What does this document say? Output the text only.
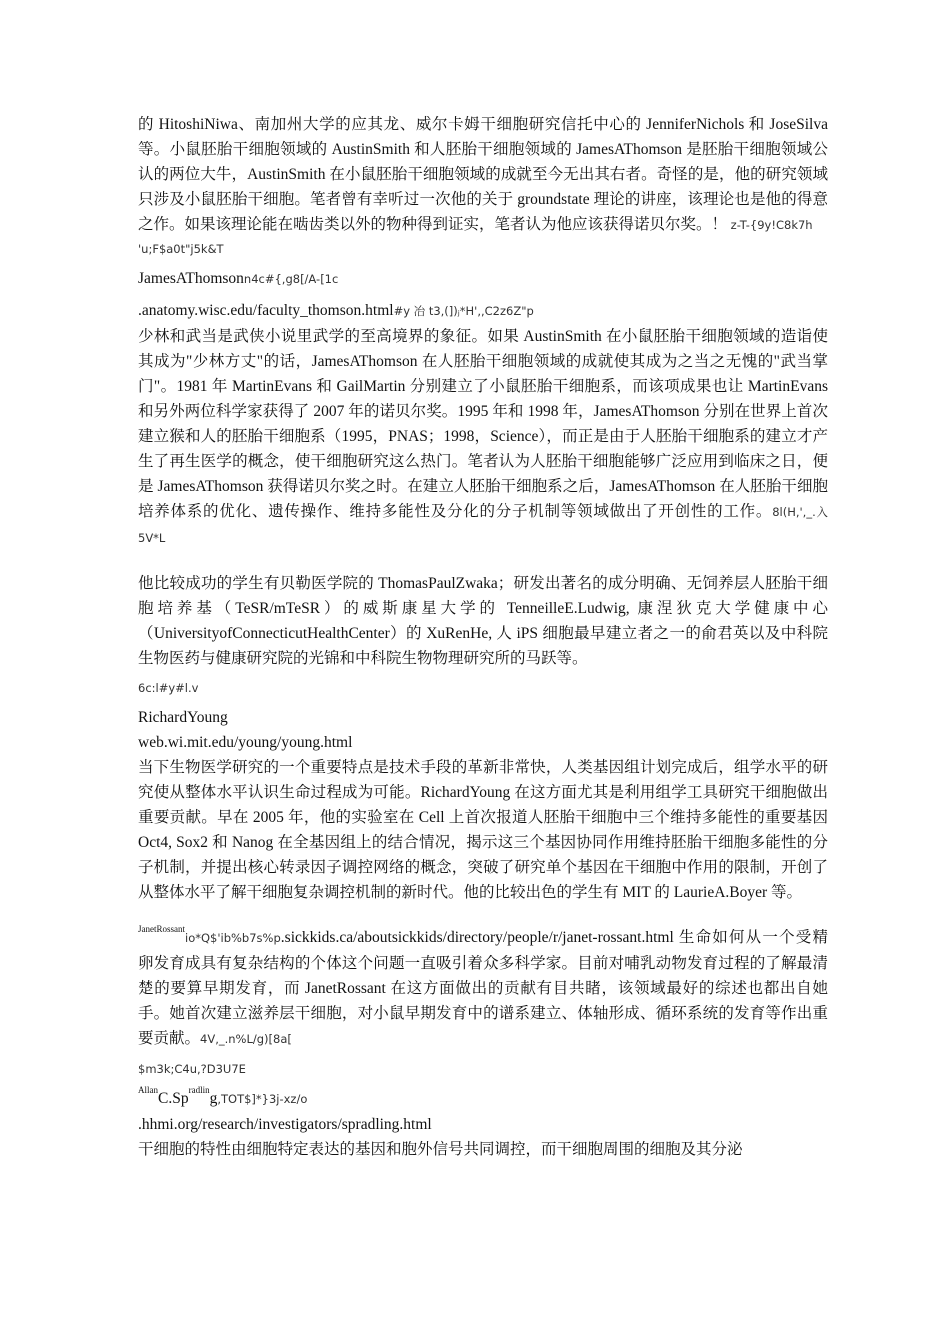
的 HitoshiNiwa、南加州大学的应其龙、威尔卡姆干细胞研究信托中心的 JenniferNichols 和 JoseSilva 等。小鼠胚胎干细胞领域的 AustinSmith 和人胚胎干细胞领域的 JamesAThomson 是胚胎干细胞领域公认的两位大牛，AustinSmith 在小鼠胚胎干细胞领域的成就至今无出其右者。奇怪的是，他的研究领域只涉及小鼠胚胎干细胞。笔者曾有幸听过一次他的关于 groundstate 理论的讲座，该理论也是他的得意之作。如果该理论能在啮齿类以外的物种得到证实，笔者认为他应该获得诺贝尔奖。！ z-T-{9y!C8k7h

'u;F$a0t"j5k&T

JamesAThomsonn4c#{,g8[/A-[1c

.anatomy.wisc.edu/faculty_thomson.html#y 冶 t3,(])ⱼ*H',,C2z6Z"p

少林和武当是武侠小说里武学的至高境界的象征。如果 AustinSmith 在小鼠胚胎干细胞领域的造诣使其成为"少林方丈"的话，JamesAThomson 在人胚胎干细胞领域的成就使其成为之当之无愧的"武当掌门"。1981 年 MartinEvans 和 GailMartin 分别建立了小鼠胚胎干细胞系，而该项成果也让 MartinEvans 和另外两位科学家获得了 2007 年的诺贝尔奖。1995 年和 1998 年，JamesAThomson 分别在世界上首次建立猴和人的胚胎干细胞系（1995，PNAS；1998，Science），而正是由于人胚胎干细胞系的建立才产生了再生医学的概念，使干细胞研究这么热门。笔者认为人胚胎干细胞能够广泛应用到临床之日，便是 JamesAThomson 获得诺贝尔奖之时。在建立人胚胎干细胞系之后，JamesAThomson 在人胚胎干细胞培养体系的优化、遗传操作、维持多能性及分化的分子机制等领域做出了开创性的工作。8l(H,',_.入 5V*L

他比较成功的学生有贝勒医学院的 ThomasPaulZwaka；研发出著名的成分明确、无饲养层人胚胎干细胞培养基（TeSR/mTeSR）的威斯康星大学的 TenneilleE.Ludwig, 康涅狄克大学健康中心（UniversityofConnecticutHealthCenter）的 XuRenHe, 人 iPS 细胞最早建立者之一的俞君英以及中科院生物医药与健康研究院的光锦和中科院生物物理研究所的马跃等。

6c:l#y#l.v

RichardYoung

web.wi.mit.edu/young/young.html

当下生物医学研究的一个重要特点是技术手段的革新非常快，人类基因组计划完成后，组学水平的研究使从整体水平认识生命过程成为可能。RichardYoung 在这方面尤其是利用组学工具研究干细胞做出重要贡献。早在 2005 年，他的实验室在 Cell 上首次报道人胚胎干细胞中三个维持多能性的重要基因 Oct4, Sox2 和 Nanog 在全基因组上的结合情况，揭示这三个基因协同作用维持胚胎干细胞多能性的分子机制，并提出核心转录因子调控网络的概念，突破了研究单个基因在干细胞中作用的限制，开创了从整体水平了解干细胞复杂调控机制的新时代。他的比较出色的学生有 MIT 的 LaurieA.Boyer 等。

$^{JanetRossant}$io*Q$'ib%b7s%p.sickkids.ca/aboutsickkids/directory/people/r/janet-rossant.html 生命如何从一个受精卵发育成具有复杂结构的个体这个问题一直吸引着众多科学家。目前对哺乳动物发育过程的了解最清楚的要算早期发育，而 JanetRossant 在这方面做出的贡献有目共睹，该领域最好的综述也都出自她手。她首次建立滋养层干细胞，对小鼠早期发育中的谱系建立、体轴形成、循环系统的发育等作出重要贡献。4V,_.n%L/g)[8a[

$m3k;C4u,?D3U7E

$^{Allan}C.Sp^{radlin}g,TOT\$]*\}3j-xz/o$

.hhmi.org/research/investigators/spradling.html

干细胞的特性由细胞特定表达的基因和胞外信号共同调控，而干细胞周围的细胞及其分泌
